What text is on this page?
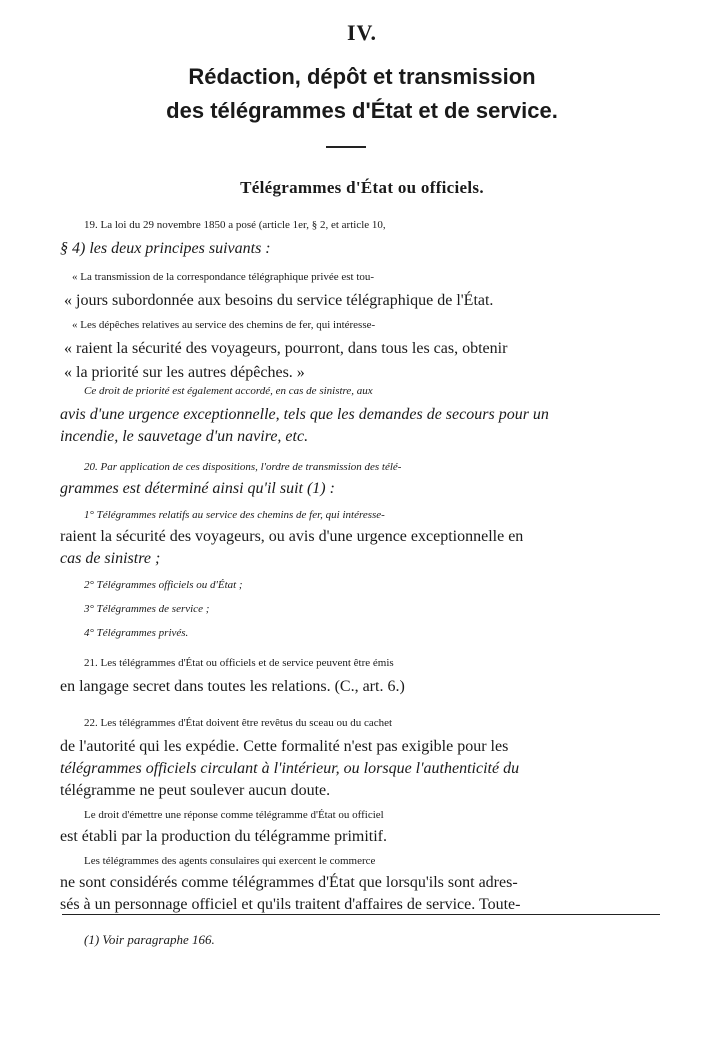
IV.
Rédaction, dépôt et transmission
des télégrammes d'État et de service.
Télégrammes d'État ou officiels.
19. La loi du 29 novembre 1850 a posé (article 1er, § 2, et article 10,
§ 4) les deux principes suivants :
« La transmission de la correspondance télégraphique privée est tou-
« jours subordonnée aux besoins du service télégraphique de l'État.
« Les dépêches relatives au service des chemins de fer, qui intéresse-
« raient la sécurité des voyageurs, pourront, dans tous les cas, obtenir
« la priorité sur les autres dépêches. »
Ce droit de priorité est également accordé, en cas de sinistre, aux
avis d'une urgence exceptionnelle, tels que les demandes de secours pour un
incendie, le sauvetage d'un navire, etc.
20. Par application de ces dispositions, l'ordre de transmission des télé-
grammes est déterminé ainsi qu'il suit (1) :
1° Télégrammes relatifs au service des chemins de fer, qui intéresse-
raient la sécurité des voyageurs, ou avis d'une urgence exceptionnelle en
cas de sinistre ;
2° Télégrammes officiels ou d'État ;
3° Télégrammes de service ;
4° Télégrammes privés.
21. Les télégrammes d'État ou officiels et de service peuvent être émis
en langage secret dans toutes les relations. (C., art. 6.)
22. Les télégrammes d'État doivent être revêtus du sceau ou du cachet
de l'autorité qui les expédie. Cette formalité n'est pas exigible pour les
télégrammes officiels circulant à l'intérieur, ou lorsque l'authenticité du
télégramme ne peut soulever aucun doute.
Le droit d'émettre une réponse comme télégramme d'État ou officiel
est établi par la production du télégramme primitif.
Les télégrammes des agents consulaires qui exercent le commerce
ne sont considérés comme télégrammes d'État que lorsqu'ils sont adres-
sés à un personnage officiel et qu'ils traitent d'affaires de service. Toute-
(1) Voir paragraphe 166.
